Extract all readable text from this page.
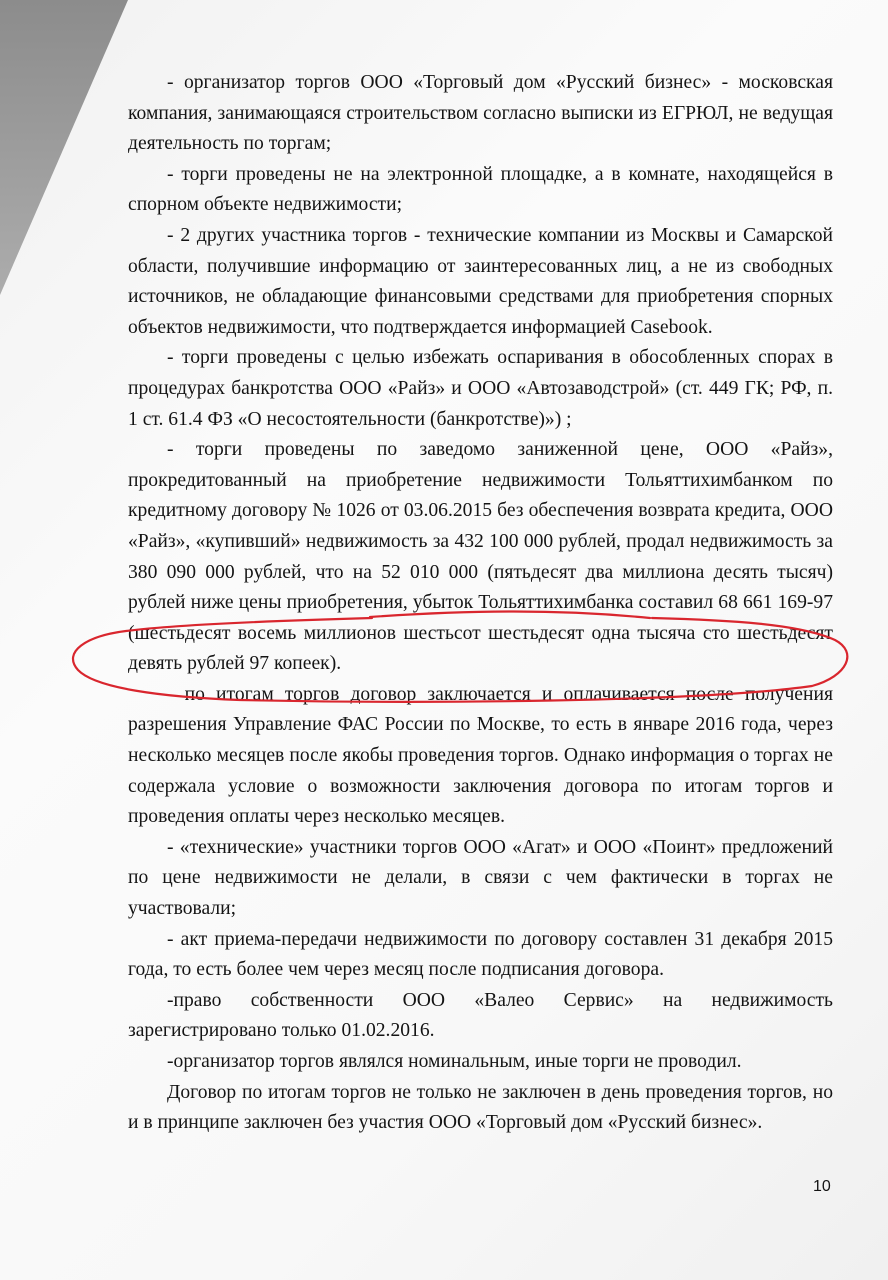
- организатор торгов ООО «Торговый дом «Русский бизнес» - московская компания, занимающаяся строительством согласно выписки из ЕГРЮЛ, не ведущая деятельность по торгам;

- торги проведены не на электронной площадке, а в комнате, находящейся в спорном объекте недвижимости;

- 2 других участника торгов - технические компании из Москвы и Самарской области, получившие информацию от заинтересованных лиц, а не из свободных источников, не обладающие финансовыми средствами для приобретения спорных объектов недвижимости, что подтверждается информацией Casebook.

- торги проведены с целью избежать оспаривания в обособленных спорах в процедурах банкротства ООО «Райз» и ООО «Автозаводстрой» (ст. 449 ГК; РФ, п. 1 ст. 61.4 ФЗ «О несостоятельности (банкротстве)») ;

- торги проведены по заведомо заниженной цене, ООО «Райз», прокредитованный на приобретение недвижимости Тольяттихимбанком по кредитному договору № 1026 от 03.06.2015 без обеспечения возврата кредита, ООО «Райз», «купивший» недвижимость за 432 100 000 рублей, продал недвижимость за 380 090 000 рублей, что на 52 010 000 (пятьдесят два миллиона десять тысяч) рублей ниже цены приобретения, убыток Тольяттихимбанка составил 68 661 169-97 (шестьдесят восемь миллионов шестьсот шестьдесят одна тысяча сто шестьдесят девять рублей 97 копеек).

- по итогам торгов договор заключается и оплачивается после получения разрешения Управление ФАС России по Москве, то есть в январе 2016 года, через несколько месяцев после якобы проведения торгов. Однако информация о торгах не содержала условие о возможности заключения договора по итогам торгов и проведения оплаты через несколько месяцев.

- «технические» участники торгов ООО «Агат» и ООО «Поинт» предложений по цене недвижимости не делали, в связи с чем фактически в торгах не участвовали;

- акт приема-передачи недвижимости по договору составлен 31 декабря 2015 года, то есть более чем через месяц после подписания договора.

-право собственности ООО «Валео Сервис» на недвижимость зарегистрировано только 01.02.2016.

-организатор торгов являлся номинальным, иные торги не проводил.

Договор по итогам торгов не только не заключен в день проведения торгов, но и в принципе заключен без участия ООО «Торговый дом «Русский бизнес».

10
